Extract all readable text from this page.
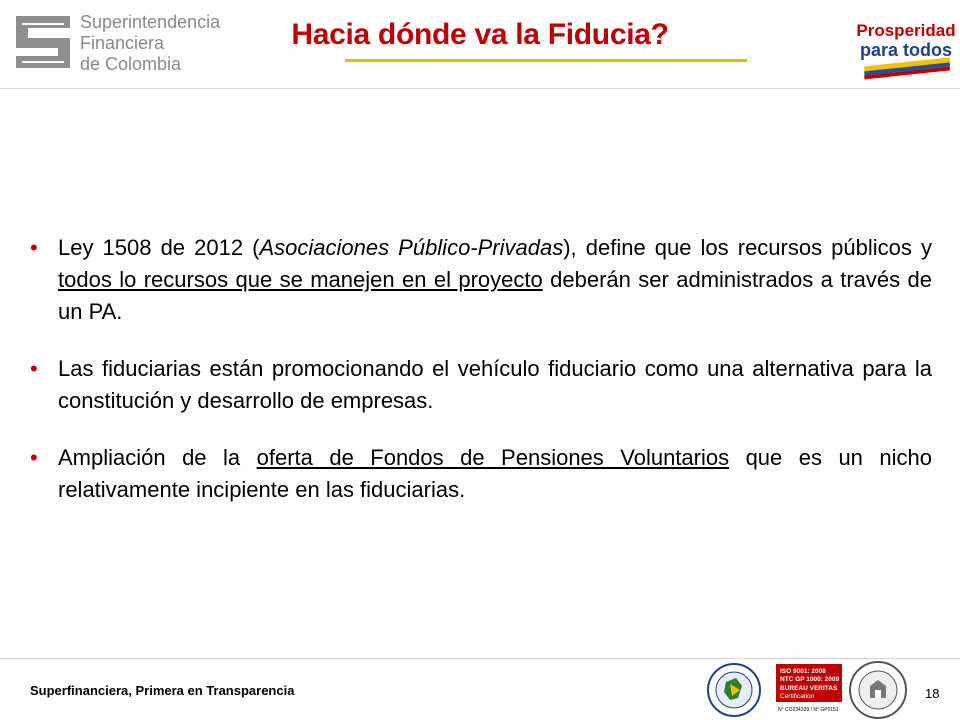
Superintendencia
Financiera
de Colombia
Hacia dónde va la Fiducia?	Prosperidad
para todos
• Ley 1508 de 2012 (Asociaciones Público-Privadas), define que los recursos públicos y todos lo recursos que se manejen en el proyecto deberán ser administrados a través de un PA.
• Las fiduciarias están promocionando el vehículo fiduciario como una alternativa para la constitución y desarrollo de empresas.
• Ampliación de la oferta de Fondos de Pensiones Voluntarios que es un nicho relativamente incipiente en las fiduciarias.
Superfinanciera, Primera en Transparencia
ISO 9001: 2008
NTC GP 1000: 2009
BUREAU VERITAS
Certification
N° CO234339 / N° GP0151
18
